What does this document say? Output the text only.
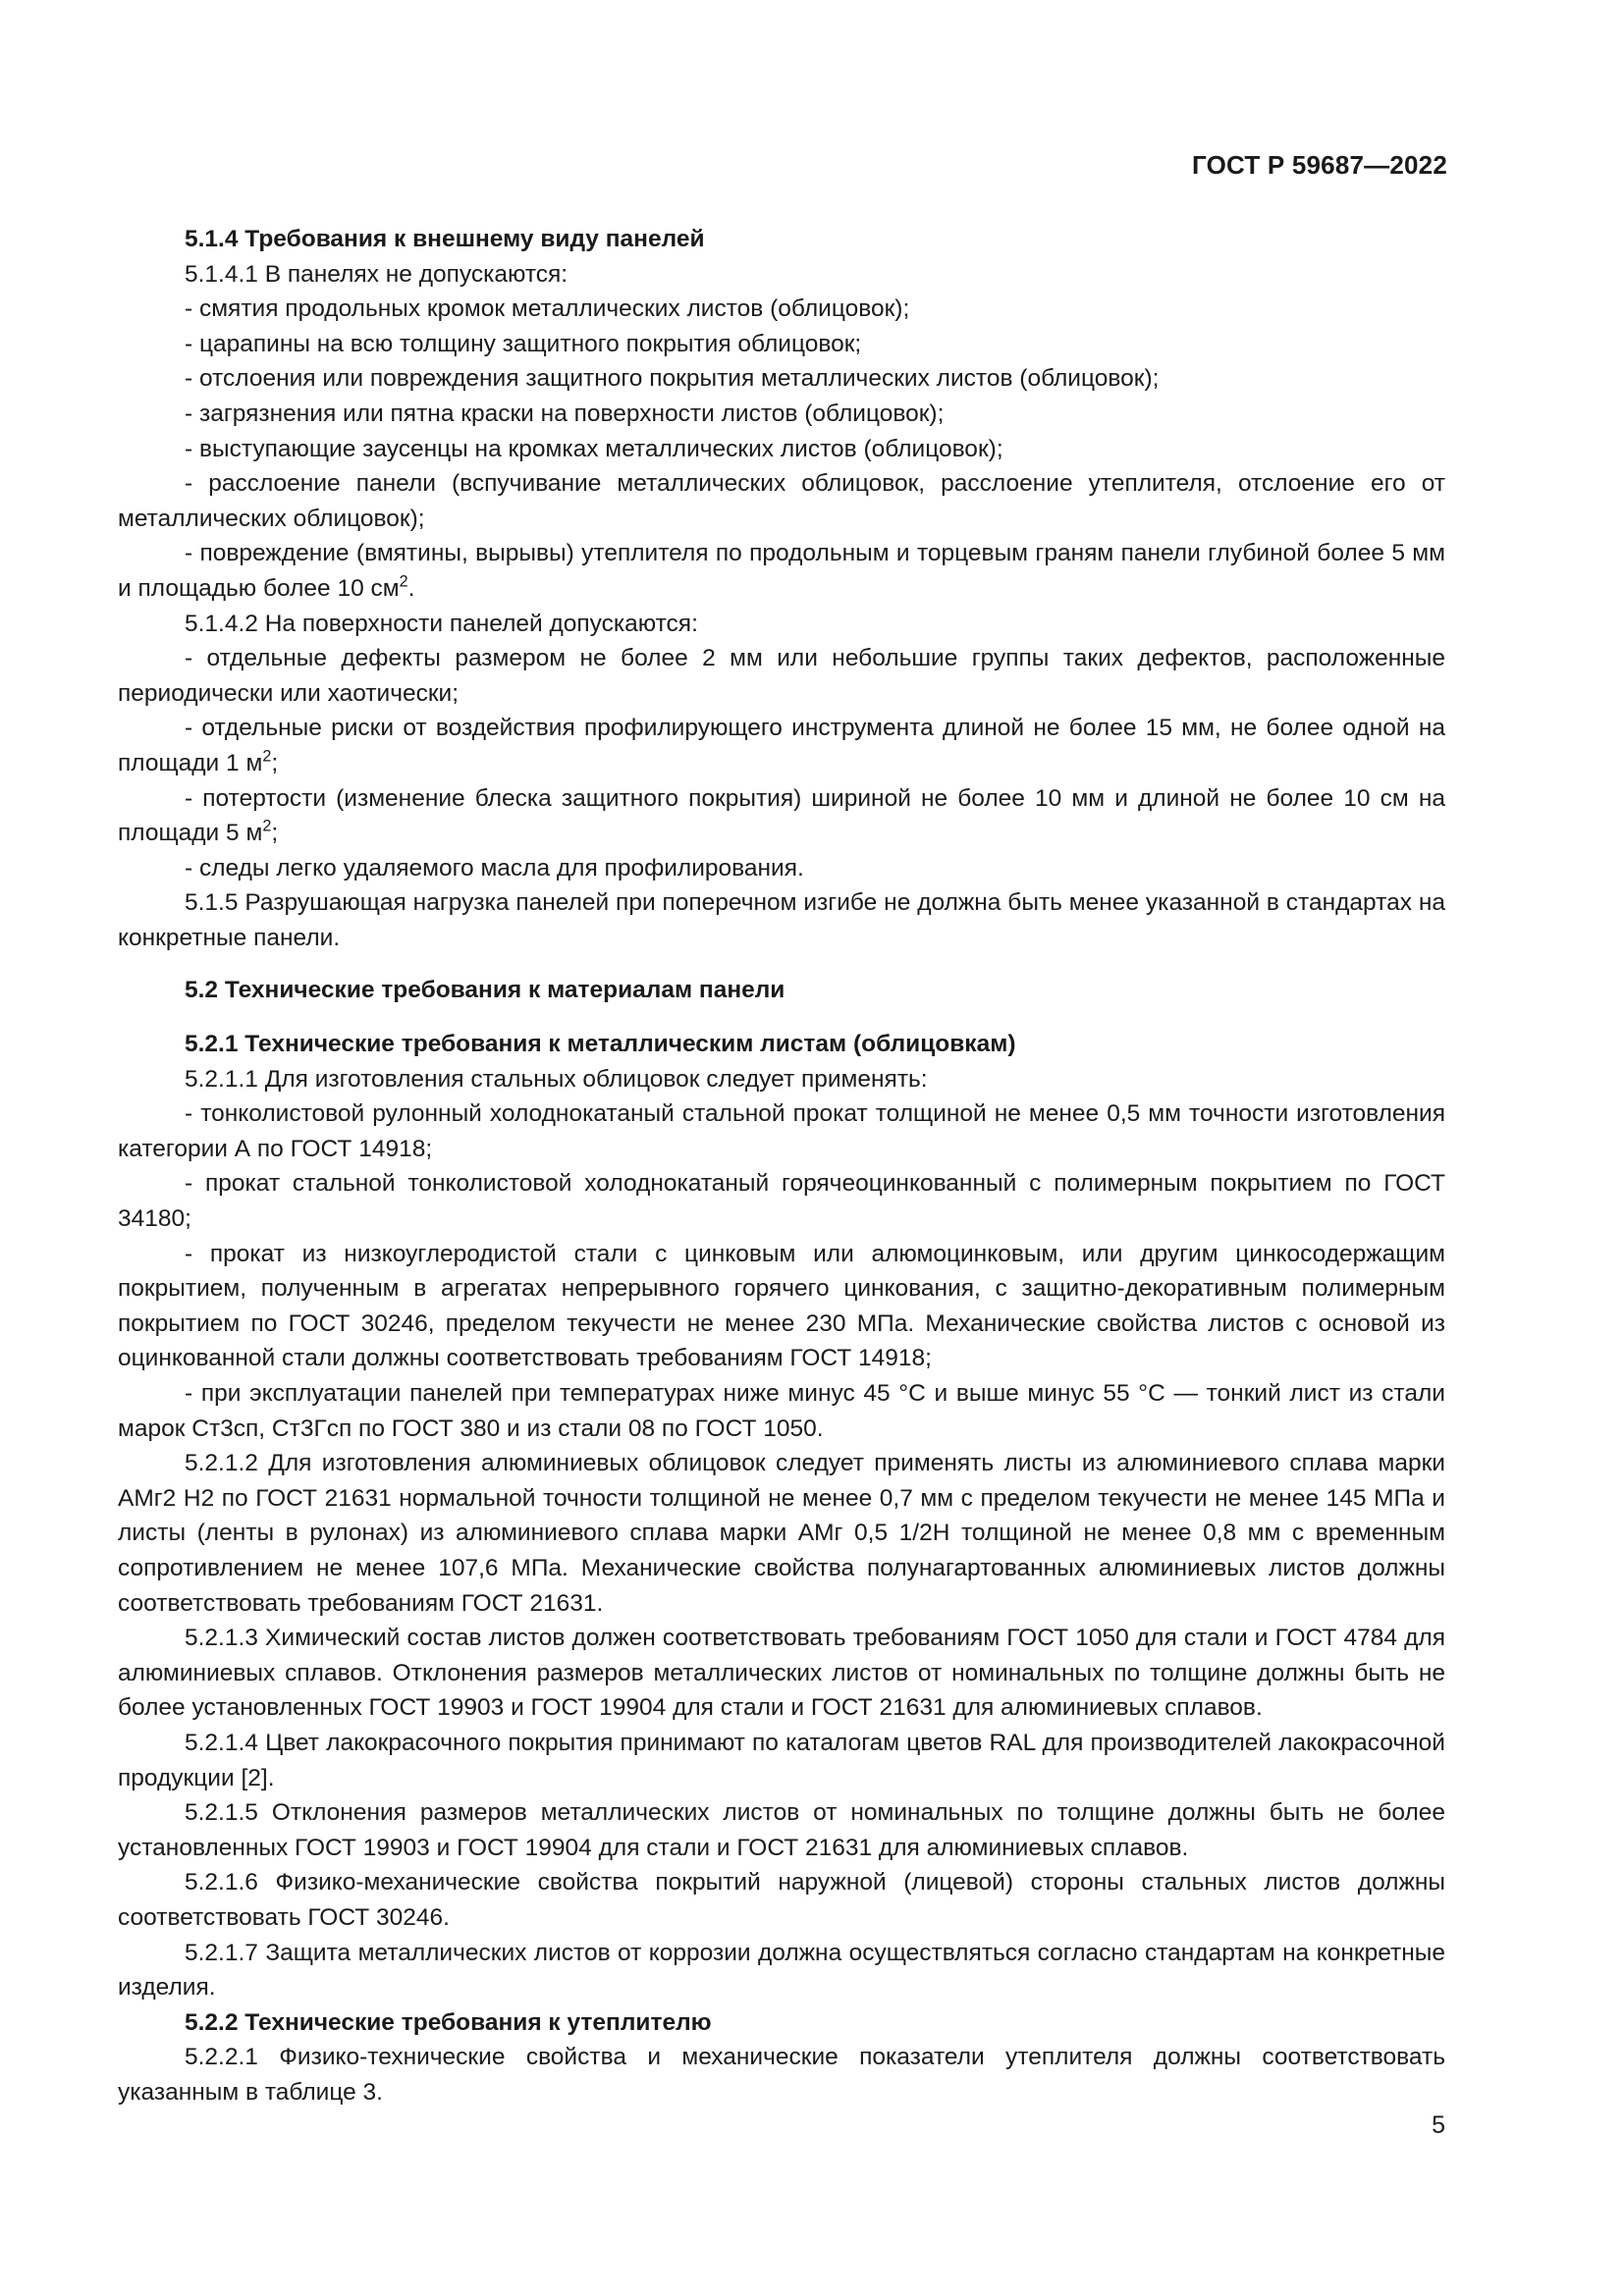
ГОСТ Р 59687—2022

5.1.4 Требования к внешнему виду панелей

5.1.4.1 В панелях не допускаются:

- смятия продольных кромок металлических листов (облицовок);

- царапины на всю толщину защитного покрытия облицовок;

- отслоения или повреждения защитного покрытия металлических листов (облицовок);

- загрязнения или пятна краски на поверхности листов (облицовок);

- выступающие заусенцы на кромках металлических листов (облицовок);

- расслоение панели (вспучивание металлических облицовок, расслоение утеплителя, отслоение его от металлических облицовок);

- повреждение (вмятины, вырывы) утеплителя по продольным и торцевым граням панели глубиной более 5 мм и площадью более 10 $см^2$.

5.1.4.2 На поверхности панелей допускаются:

- отдельные дефекты размером не более 2 мм или небольшие группы таких дефектов, расположенные периодически или хаотически;

- отдельные риски от воздействия профилирующего инструмента длиной не более 15 мм, не более одной на площади 1 $м^2$;

- потертости (изменение блеска защитного покрытия) шириной не более 10 мм и длиной не более 10 см на площади 5 $м^2$;

- следы легко удаляемого масла для профилирования.

5.1.5 Разрушающая нагрузка панелей при поперечном изгибе не должна быть менее указанной в стандартах на конкретные панели.

5.2 Технические требования к материалам панели

5.2.1 Технические требования к металлическим листам (облицовкам)

5.2.1.1 Для изготовления стальных облицовок следует применять:

- тонколистовой рулонный холоднокатаный стальной прокат толщиной не менее 0,5 мм точности изготовления категории А по ГОСТ 14918;

- прокат стальной тонколистовой холоднокатаный горячеоцинкованный с полимерным покрытием по ГОСТ 34180;

- прокат из низкоуглеродистой стали с цинковым или алюмоцинковым, или другим цинкосодержащим покрытием, полученным в агрегатах непрерывного горячего цинкования, с защитно-декоративным полимерным покрытием по ГОСТ 30246, пределом текучести не менее 230 МПа. Механические свойства листов с основой из оцинкованной стали должны соответствовать требованиям ГОСТ 14918;

- при эксплуатации панелей при температурах ниже минус 45 °С и выше минус 55 °С — тонкий лист из стали марок Ст3сп, Ст3Гсп по ГОСТ 380 и из стали 08 по ГОСТ 1050.

5.2.1.2 Для изготовления алюминиевых облицовок следует применять листы из алюминиевого сплава марки АМг2 Н2 по ГОСТ 21631 нормальной точности толщиной не менее 0,7 мм с пределом текучести не менее 145 МПа и листы (ленты в рулонах) из алюминиевого сплава марки АМг 0,5 1/2Н толщиной не менее 0,8 мм с временным сопротивлением не менее 107,6 МПа. Механические свойства полунагартованных алюминиевых листов должны соответствовать требованиям ГОСТ 21631.

5.2.1.3 Химический состав листов должен соответствовать требованиям ГОСТ 1050 для стали и ГОСТ 4784 для алюминиевых сплавов. Отклонения размеров металлических листов от номинальных по толщине должны быть не более установленных ГОСТ 19903 и ГОСТ 19904 для стали и ГОСТ 21631 для алюминиевых сплавов.

5.2.1.4 Цвет лакокрасочного покрытия принимают по каталогам цветов RAL для производителей лакокрасочной продукции [2].

5.2.1.5 Отклонения размеров металлических листов от номинальных по толщине должны быть не более установленных ГОСТ 19903 и ГОСТ 19904 для стали и ГОСТ 21631 для алюминиевых сплавов.

5.2.1.6 Физико-механические свойства покрытий наружной (лицевой) стороны стальных листов должны соответствовать ГОСТ 30246.

5.2.1.7 Защита металлических листов от коррозии должна осуществляться согласно стандартам на конкретные изделия.

5.2.2 Технические требования к утеплителю

5.2.2.1 Физико-технические свойства и механические показатели утеплителя должны соответствовать указанным в таблице 3.

5
